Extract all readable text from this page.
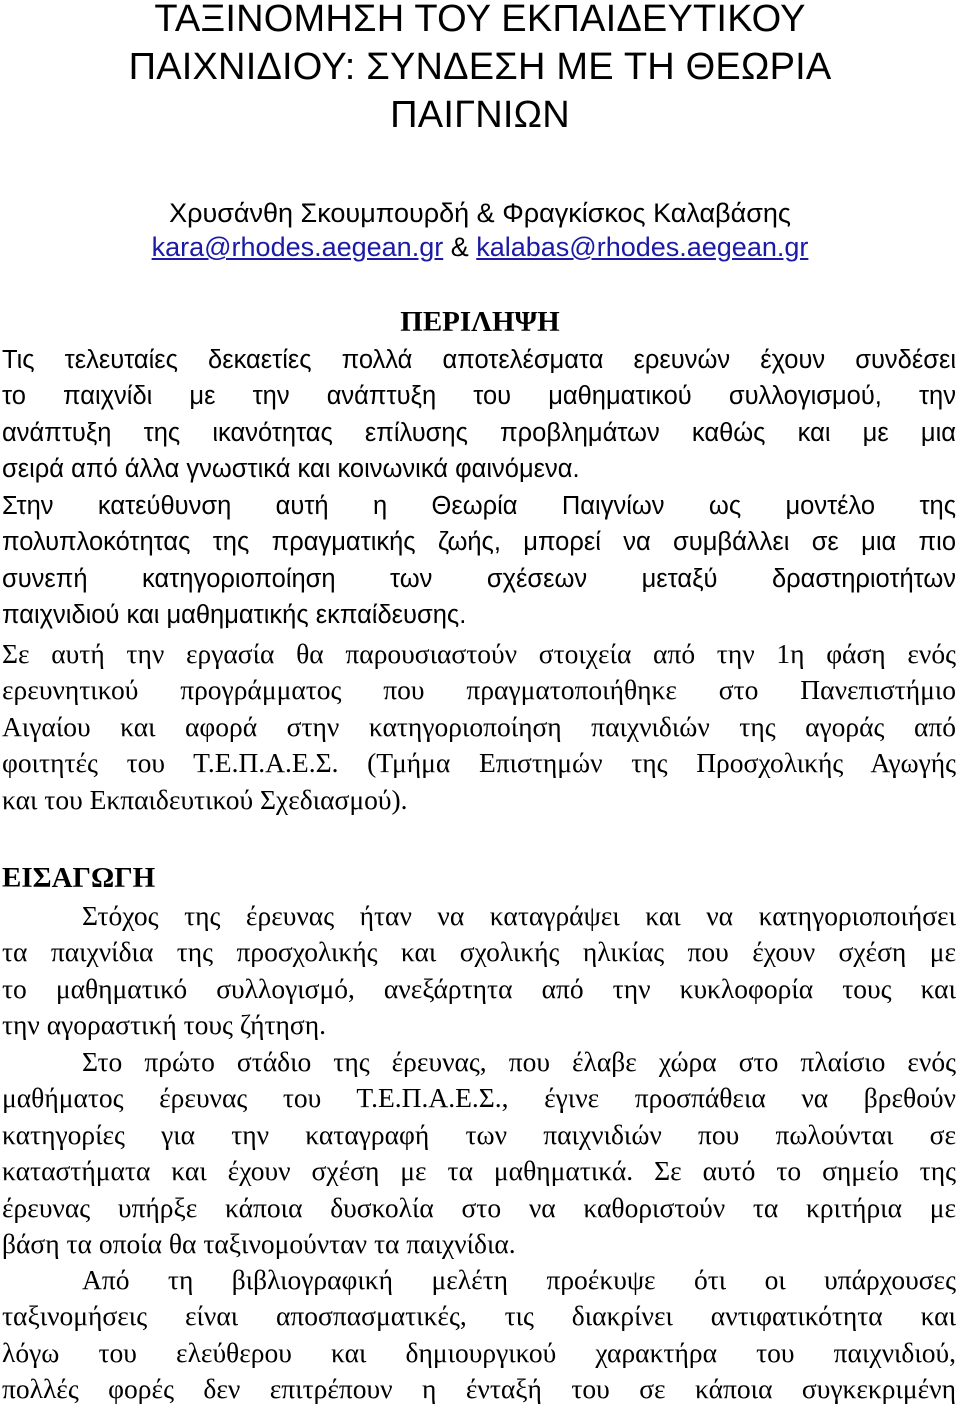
ΤΑΞΙΝΟΜΗΣΗ ΤΟΥ ΕΚΠΑΙΔΕΥΤΙΚΟΥ
ΠΑΙΧΝΙΔΙΟΥ: ΣΥΝΔΕΣΗ ΜΕ ΤΗ ΘΕΩΡΙΑ
ΠΑΙΓΝΙΩΝ
Χρυσάνθη Σκουμπουρδή & Φραγκίσκος Καλαβάσης
kara@rhodes.aegean.gr & kalabas@rhodes.aegean.gr
ΠΕΡΙΛΗΨΗ
Τις τελευταίες δεκαετίες πολλά αποτελέσματα ερευνών έχουν συνδέσει
το παιχνίδι με την ανάπτυξη του μαθηματικού συλλογισμού, την
ανάπτυξη της ικανότητας επίλυσης προβλημάτων καθώς και με μια
σειρά από άλλα γνωστικά και κοινωνικά φαινόμενα.
Στην κατεύθυνση αυτή η Θεωρία Παιγνίων ως μοντέλο της
πολυπλοκότητας της πραγματικής ζωής, μπορεί να συμβάλλει σε μια πιο
συνεπή κατηγοριοποίηση των σχέσεων μεταξύ δραστηριοτήτων
παιχνιδιού και μαθηματικής εκπαίδευσης.
Σε αυτή την εργασία θα παρουσιαστούν στοιχεία από την 1η φάση ενός
ερευνητικού προγράμματος που πραγματοποιήθηκε στο Πανεπιστήμιο
Αιγαίου και αφορά στην κατηγοριοποίηση παιχνιδιών της αγοράς από
φοιτητές του Τ.Ε.Π.Α.Ε.Σ. (Τμήμα Επιστημών της Προσχολικής Αγωγής
και του Εκπαιδευτικού Σχεδιασμού).
ΕΙΣΑΓΩΓΗ
Στόχος της έρευνας ήταν να καταγράψει και να κατηγοριοποιήσει
τα παιχνίδια της προσχολικής και σχολικής ηλικίας που έχουν σχέση με
το μαθηματικό συλλογισμό, ανεξάρτητα από την κυκλοφορία τους και
την αγοραστική τους ζήτηση.
Στο πρώτο στάδιο της έρευνας, που έλαβε χώρα στο πλαίσιο ενός
μαθήματος έρευνας του Τ.Ε.Π.Α.Ε.Σ., έγινε προσπάθεια να βρεθούν
κατηγορίες για την καταγραφή των παιχνιδιών που πωλούνται σε
καταστήματα και έχουν σχέση με τα μαθηματικά. Σε αυτό το σημείο της
έρευνας υπήρξε κάποια δυσκολία στο να καθοριστούν τα κριτήρια με
βάση τα οποία θα ταξινομούνταν τα παιχνίδια.
Από τη βιβλιογραφική μελέτη προέκυψε ότι οι υπάρχουσες
ταξινομήσεις είναι αποσπασματικές, τις διακρίνει αντιφατικότητα και
λόγω του ελεύθερου και δημιουργικού χαρακτήρα του παιχνιδιού,
πολλές φορές δεν επιτρέπουν η ένταξή του σε κάποια συγκεκριμένη
